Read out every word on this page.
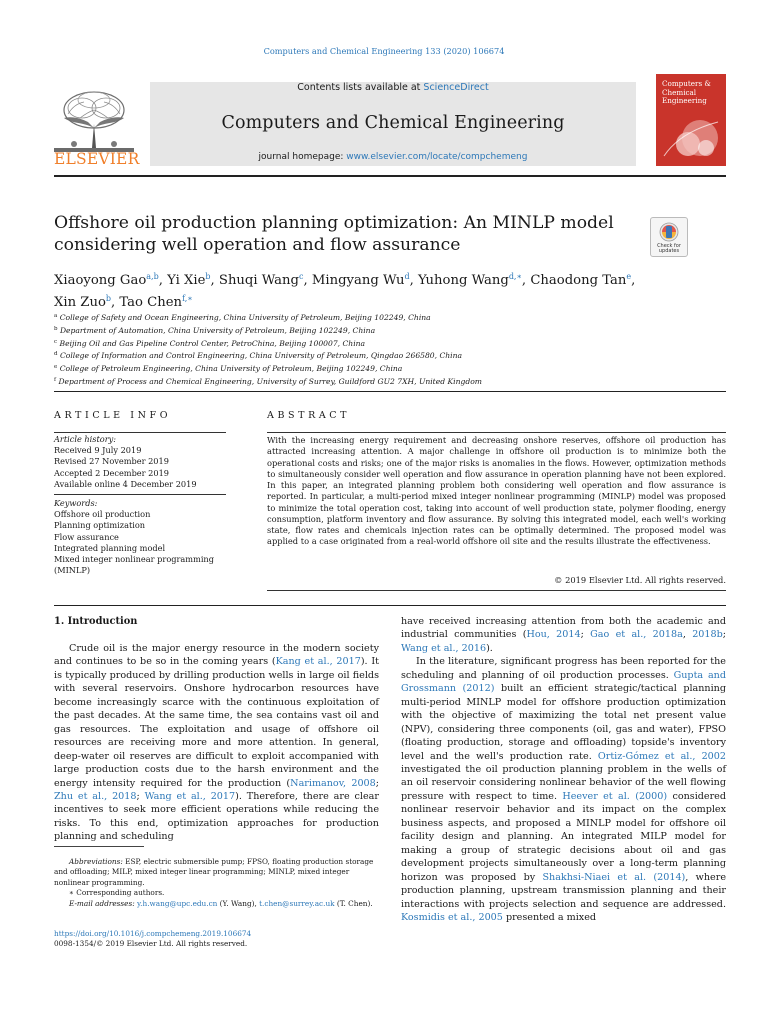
Computers and Chemical Engineering 133 (2020) 106674
ELSEVIER
Contents lists available at ScienceDirect
Computers and Chemical Engineering
journal homepage: www.elsevier.com/locate/compchemeng
Computers & Chemical Engineering
Offshore oil production planning optimization: An MINLP model considering well operation and flow assurance	Check for updates
Xiaoyong Gao$^{a,b}$, Yi Xie$^b$, Shuqi Wang$^c$, Mingyang Wu$^d$, Yuhong Wang$^{d,∗}$, Chaodong Tan$^e$,
Xin Zuo$^b$, Tao Chen$^{f,∗}$
$^a$ College of Safety and Ocean Engineering, China University of Petroleum, Beijing 102249, China
$^b$ Department of Automation, China University of Petroleum, Beijing 102249, China
$^c$ Beijing Oil and Gas Pipeline Control Center, PetroChina, Beijing 100007, China
$^d$ College of Information and Control Engineering, China University of Petroleum, Qingdao 266580, China
$^e$ College of Petroleum Engineering, China University of Petroleum, Beijing 102249, China
$^f$ Department of Process and Chemical Engineering, University of Surrey, Guildford GU2 7XH, United Kingdom
ARTICLE INFO	ABSTRACT
Article history:
Received 9 July 2019
Revised 27 November 2019
Accepted 2 December 2019
Available online 4 December 2019
Keywords:
Offshore oil production
Planning optimization
Flow assurance
Integrated planning model
Mixed integer nonlinear programming
(MINLP)
With the increasing energy requirement and decreasing onshore reserves, offshore oil production has attracted increasing attention. A major challenge in offshore oil production is to minimize both the operational costs and risks; one of the major risks is anomalies in the flows. However, optimization methods to simultaneously consider well operation and flow assurance in operation planning have not been explored. In this paper, an integrated planning problem both considering well operation and flow assurance is reported. In particular, a multi-period mixed integer nonlinear programming (MINLP) model was proposed to minimize the total operation cost, taking into account of well production state, polymer flooding, energy consumption, platform inventory and flow assurance. By solving this integrated model, each well's working state, flow rates and chemicals injection rates can be optimally determined. The proposed model was applied to a case originated from a real-world offshore oil site and the results illustrate the effectiveness.
© 2019 Elsevier Ltd. All rights reserved.
1. Introduction

Crude oil is the major energy resource in the modern society and continues to be so in the coming years (Kang et al., 2017). It is typically produced by drilling production wells in large oil fields with several reservoirs. Onshore hydrocarbon resources have become increasingly scarce with the continuous exploitation of the past decades. At the same time, the sea contains vast oil and gas resources. The exploitation and usage of offshore oil resources are receiving more and more attention. In general, deep-water oil reserves are difficult to exploit accompanied with large production costs due to the harsh environment and the energy intensity required for the production (Narimanov, 2008; Zhu et al., 2018; Wang et al., 2017). Therefore, there are clear incentives to seek more efficient operations while reducing the risks. To this end, optimization approaches for production planning and scheduling

have received increasing attention from both the academic and industrial communities (Hou, 2014; Gao et al., 2018a, 2018b; Wang et al., 2016).

In the literature, significant progress has been reported for the scheduling and planning of oil production processes. Gupta and Grossmann (2012) built an efficient strategic/tactical planning multi-period MINLP model for offshore production optimization with the objective of maximizing the total net present value (NPV), considering three components (oil, gas and water), FPSO (floating production, storage and offloading) topside's inventory level and the well's production rate. Ortiz-Gómez et al., 2002 investigated the oil production planning problem in the wells of an oil reservoir considering nonlinear behavior of the well flowing pressure with respect to time. Heever et al. (2000) considered nonlinear reservoir behavior and its impact on the complex business aspects, and proposed a MINLP model for offshore oil facility design and planning. An integrated MILP model for making a group of strategic decisions about oil and gas development projects simultaneously over a long-term planning horizon was proposed by Shakhsi-Niaei et al. (2014), where production planning, upstream transmission planning and their interactions with projects selection and sequence are addressed. Kosmidis et al., 2005 presented a mixed

Abbreviations: ESP, electric submersible pump; FPSO, floating production storage and offloading; MILP, mixed integer linear programming; MINLP, mixed integer nonlinear programming.

∗ Corresponding authors.

E-mail addresses: y.h.wang@upc.edu.cn (Y. Wang), t.chen@surrey.ac.uk (T. Chen).

https://doi.org/10.1016/j.compchemeng.2019.106674
0098-1354/© 2019 Elsevier Ltd. All rights reserved.
